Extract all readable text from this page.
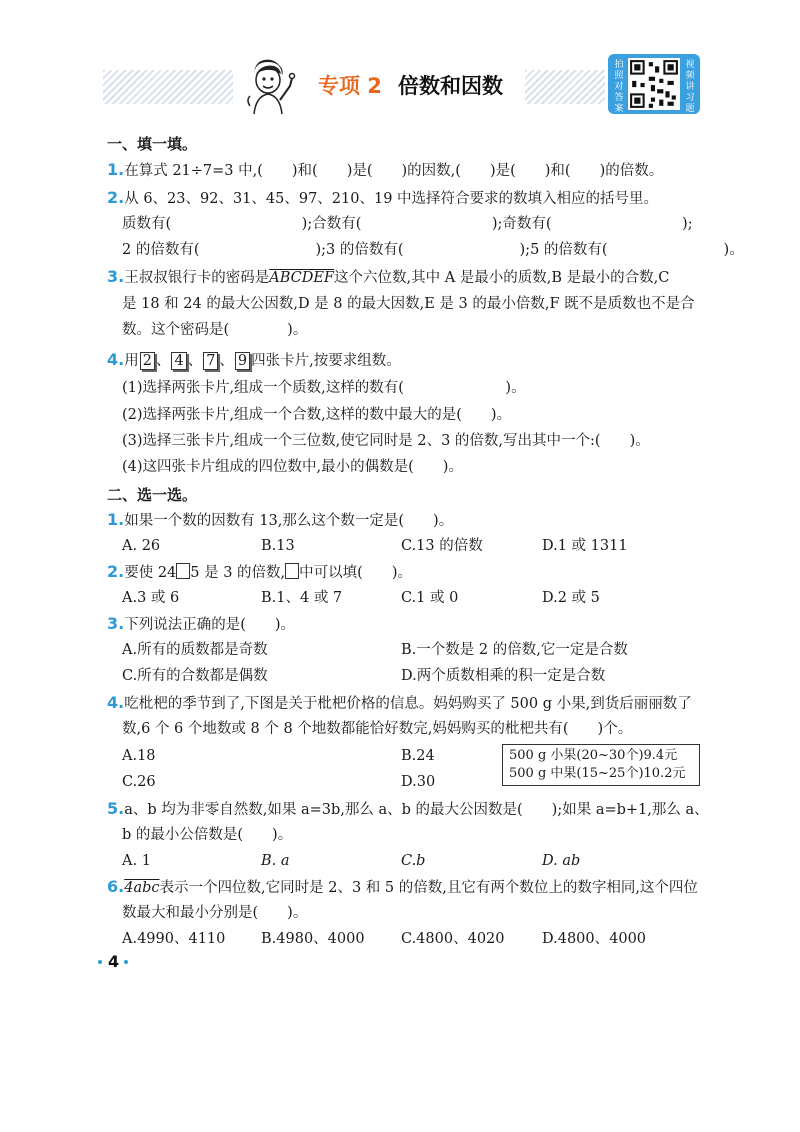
专项 2 倍数和因数
拍照对答案
视频讲习题
一、填一填。
1.在算式 21÷7=3 中,(　　)和(　　)是(　　)的因数,(　　)是(　　)和(　　)的倍数。
2.从 6、23、92、31、45、97、210、19 中选择符合要求的数填入相应的括号里。
质数有(　　　　　　　　　);合数有(　　　　　　　　　);奇数有(　　　　　　　　　);
2 的倍数有(　　　　　　　　);3 的倍数有(　　　　　　　　);5 的倍数有(　　　　　　　　)。
3.王叔叔银行卡的密码是ABCDEF这个六位数,其中 A 是最小的质数,B 是最小的合数,C
是 18 和 24 的最大公因数,D 是 8 的最大因数,E 是 3 的最小倍数,F 既不是质数也不是合
数。这个密码是(　　　　)。
4.用 2 、 4 、 7 、 9 四张卡片,按要求组数。
(1)选择两张卡片,组成一个质数,这样的数有(　　　　　　　)。
(2)选择两张卡片,组成一个合数,这样的数中最大的是(　　)。
(3)选择三张卡片,组成一个三位数,使它同时是 2、3 的倍数,写出其中一个:(　　)。
(4)这四张卡片组成的四位数中,最小的偶数是(　　)。
二、选一选。
1.如果一个数的因数有 13,那么这个数一定是(　　)。
A. 26	B.13	C.13 的倍数	D.1 或 1311
2.要使 24 5 是 3 的倍数, 中可以填(　　)。
A.3 或 6	B.1、4 或 7	C.1 或 0	D.2 或 5
3.下列说法正确的是(　　)。
A.所有的质数都是奇数	B.一个数是 2 的倍数,它一定是合数
C.所有的合数都是偶数	D.两个质数相乘的积一定是合数
4.吃枇杷的季节到了,下图是关于枇杷价格的信息。妈妈购买了 500 g 小果,到货后丽丽数了
数,6 个 6 个地数或 8 个 8 个地数都能恰好数完,妈妈购买的枇杷共有(　　)个。
A.18	B.24
C.26	D.30
500 g 小果(20~30个)9.4元
500 g 中果(15~25个)10.2元
5.a、b 均为非零自然数,如果 a=3b,那么 a、b 的最大公因数是(　　);如果 a=b+1,那么 a、
b 的最小公倍数是(　　)。
A. 1	B. a	C.b	D. ab
6.4abc表示一个四位数,它同时是 2、3 和 5 的倍数,且它有两个数位上的数字相同,这个四位
数最大和最小分别是(　　)。
A.4990、4110 B.4980、4000	C.4800、4020	D.4800、4000
4
